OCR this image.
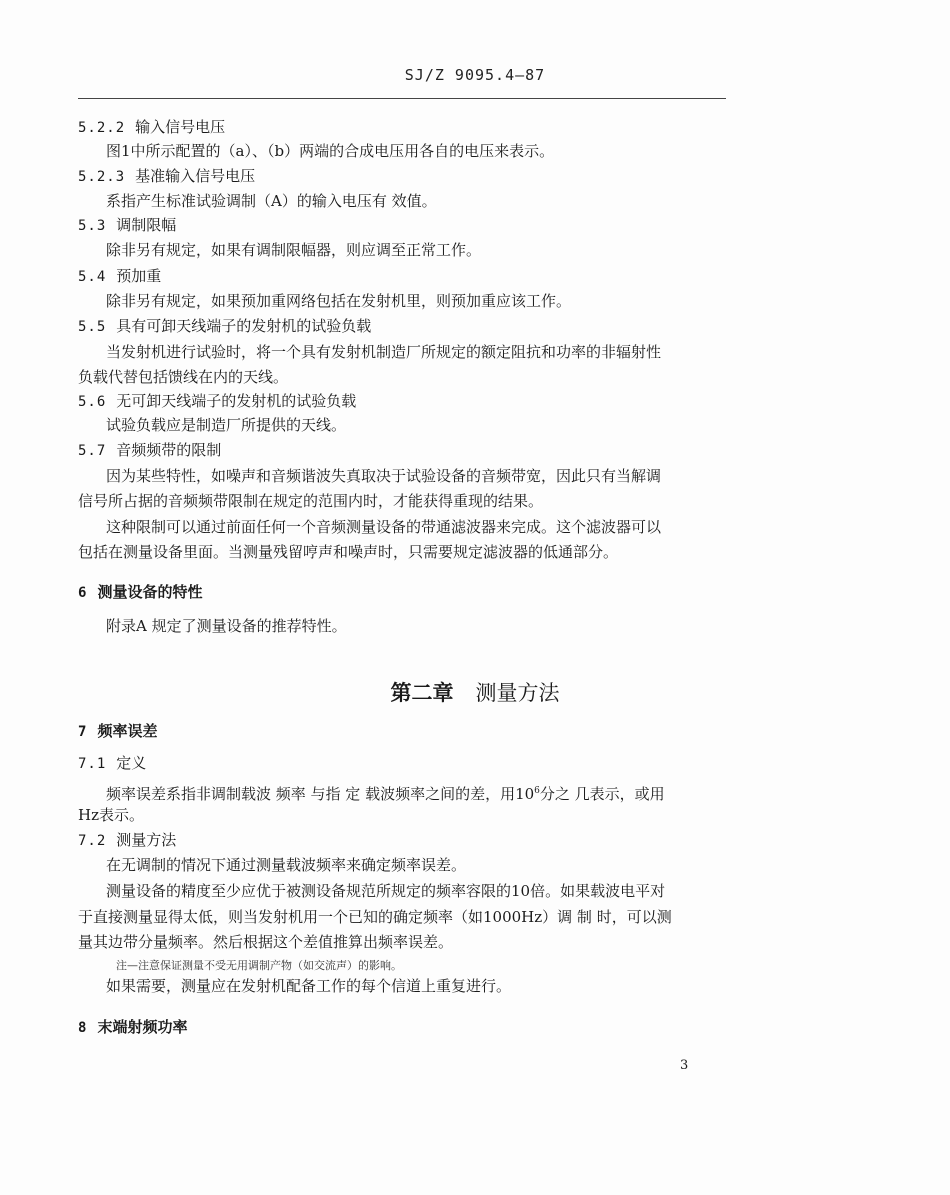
SJ/Z 9095.4—87
5.2.2 输入信号电压
图1中所示配置的（a）、（b）两端的合成电压用各自的电压来表示。
5.2.3 基准输入信号电压
系指产生标准试验调制（A）的输入电压有 效值。
5.3 调制限幅
除非另有规定，如果有调制限幅器，则应调至正常工作。
5.4 预加重
除非另有规定，如果预加重网络包括在发射机里，则预加重应该工作。
5.5 具有可卸天线端子的发射机的试验负载
当发射机进行试验时，将一个具有发射机制造厂所规定的额定阻抗和功率的非辐射性
负载代替包括馈线在内的天线。
5.6 无可卸天线端子的发射机的试验负载
试验负载应是制造厂所提供的天线。
5.7 音频频带的限制
因为某些特性，如噪声和音频谐波失真取决于试验设备的音频带宽，因此只有当解调
信号所占据的音频频带限制在规定的范围内时，才能获得重现的结果。
这种限制可以通过前面任何一个音频测量设备的带通滤波器来完成。这个滤波器可以
包括在测量设备里面。当测量残留哼声和噪声时，只需要规定滤波器的低通部分。
6 测量设备的特性
附录A 规定了测量设备的推荐特性。
第二章 测量方法
7 频率误差
7.1 定义
频率误差系指非调制载波 频率 与指 定 载波频率之间的差，用$10^6$分之 几表示，或用
Hz表示。
7.2 测量方法
在无调制的情况下通过测量载波频率来确定频率误差。
测量设备的精度至少应优于被测设备规范所规定的频率容限的10倍。如果载波电平对
于直接测量显得太低，则当发射机用一个已知的确定频率（如1000Hz）调 制 时，可以测
量其边带分量频率。然后根据这个差值推算出频率误差。
注—注意保证测量不受无用调制产物（如交流声）的影响。
如果需要，测量应在发射机配备工作的每个信道上重复进行。
8 末端射频功率
3
